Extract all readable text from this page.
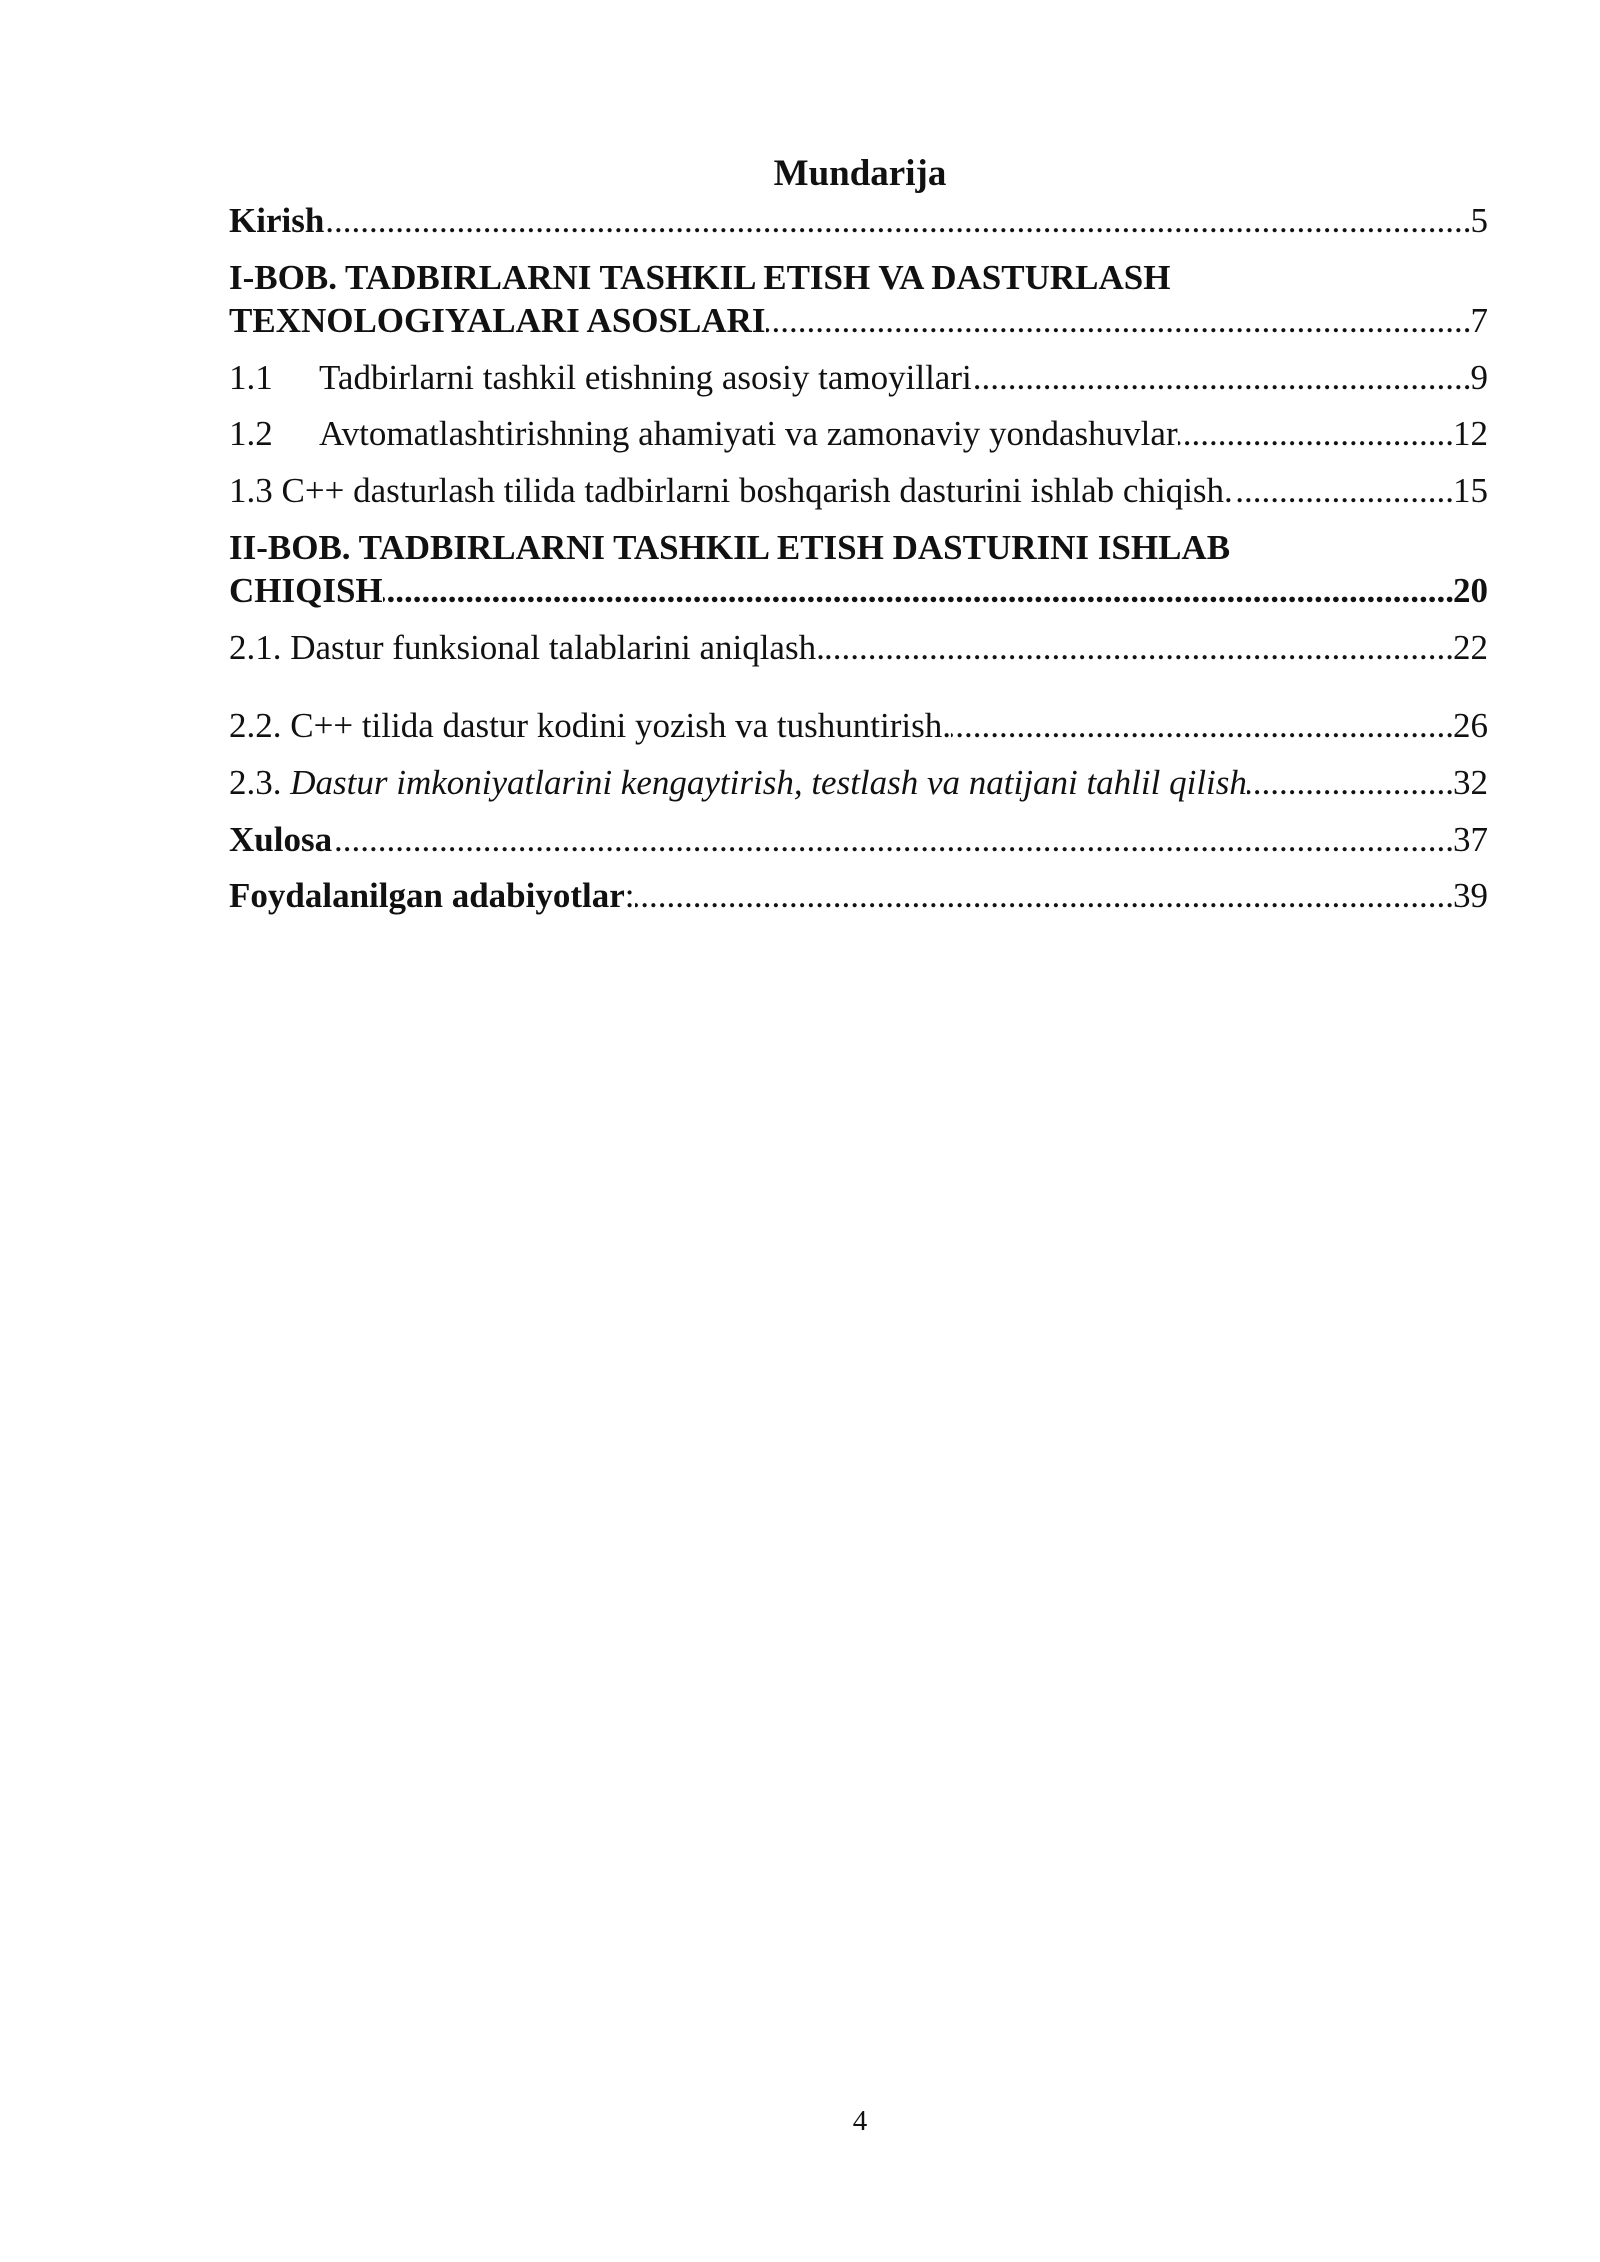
Mundarija
Kirish .....	5
I-BOB. TADBIRLARNI TASHKIL ETISH VA DASTURLASH
TEXNOLOGIYALARI ASOSLARI .....	7
1.1 Tadbirlarni tashkil etishning asosiy tamoyillari .....	9
1.2 Avtomatlashtirishning ahamiyati va zamonaviy yondashuvlar .....	12
1.3 C++ dasturlash tilida tadbirlarni boshqarish dasturini ishlab chiqish. .....	15
II-BOB. TADBIRLARNI TASHKIL ETISH DASTURINI ISHLAB
CHIQISH .....	20
2.1. Dastur funksional talablarini aniqlash. .....	22
2.2. C++ tilida dastur kodini yozish va tushuntirish. .....	26
2.3. Dastur imkoniyatlarini kengaytirish, testlash va natijani tahlil qilish .....	32
Xulosa .....	37
Foydalanilgan adabiyotlar: .....	39
4
